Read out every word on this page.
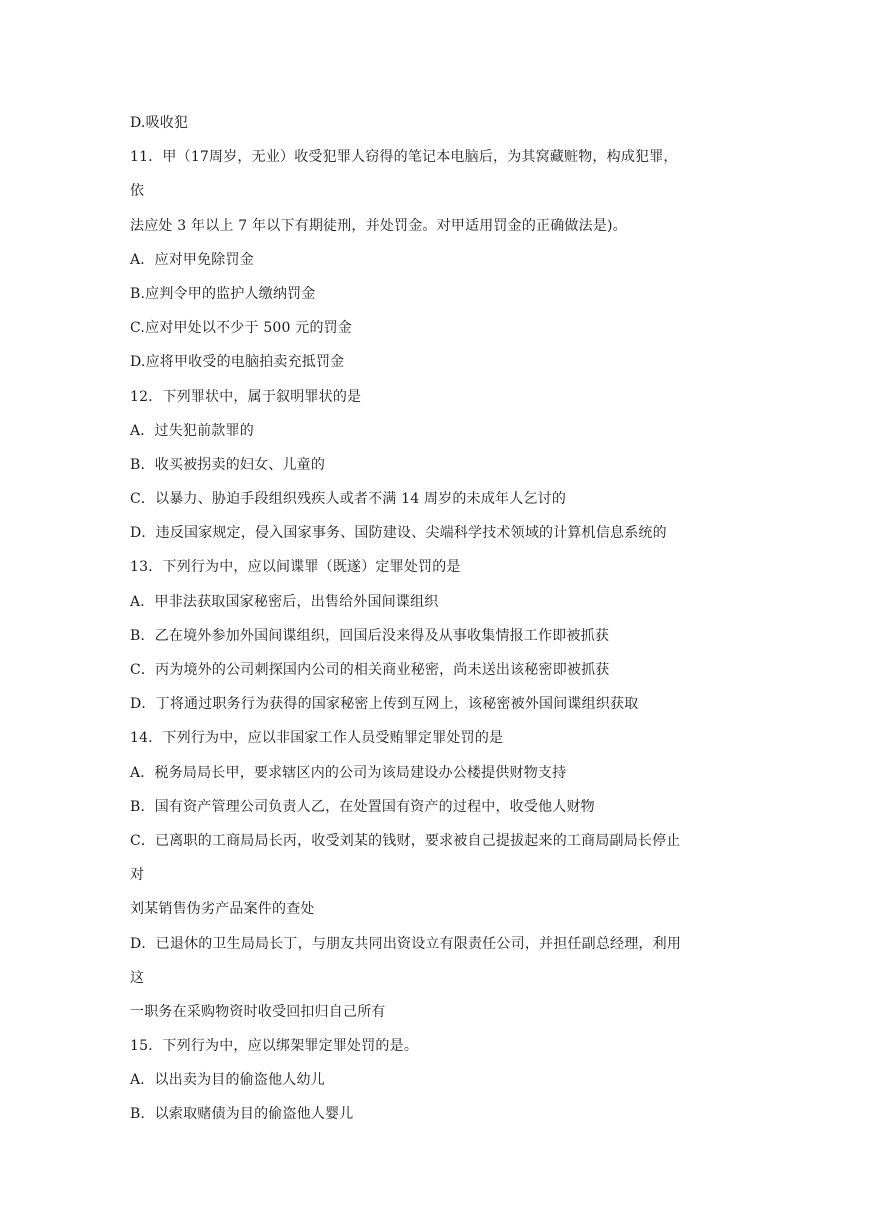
D.吸收犯
11．甲（17周岁，无业）收受犯罪人窃得的笔记本电脑后，为其窝藏赃物，构成犯罪，
依
法应处 3 年以上 7 年以下有期徒刑，并处罚金。对甲适用罚金的正确做法是)。
A．应对甲免除罚金
B.应判令甲的监护人缴纳罚金
C.应对甲处以不少于 500 元的罚金
D.应将甲收受的电脑拍卖充抵罚金
12．下列罪状中，属于叙明罪状的是
A．过失犯前款罪的
B．收买被拐卖的妇女、儿童的
C．以暴力、胁迫手段组织残疾人或者不满 14 周岁的未成年人乞讨的
D．违反国家规定，侵入国家事务、国防建设、尖端科学技术领域的计算机信息系统的
13．下列行为中，应以间谍罪（既遂）定罪处罚的是
A．甲非法获取国家秘密后，出售给外国间谍组织
B．乙在境外参加外国间谍组织，回国后没来得及从事收集情报工作即被抓获
C．丙为境外的公司刺探国内公司的相关商业秘密，尚未送出该秘密即被抓获
D．丁将通过职务行为获得的国家秘密上传到互网上，该秘密被外国间谍组织获取
14．下列行为中，应以非国家工作人员受贿罪定罪处罚的是
A．税务局局长甲，要求辖区内的公司为该局建设办公楼提供财物支持
B．国有资产管理公司负责人乙，在处置国有资产的过程中，收受他人财物
C．已离职的工商局局长丙，收受刘某的钱财，要求被自己提拔起来的工商局副局长停止
对
刘某销售伪劣产品案件的查处
D．已退休的卫生局局长丁，与朋友共同出资设立有限责任公司，并担任副总经理，利用
这
一职务在采购物资时收受回扣归自己所有
15．下列行为中，应以绑架罪定罪处罚的是。
A．以出卖为目的偷盗他人幼儿
B．以索取赌债为目的偷盗他人婴儿
